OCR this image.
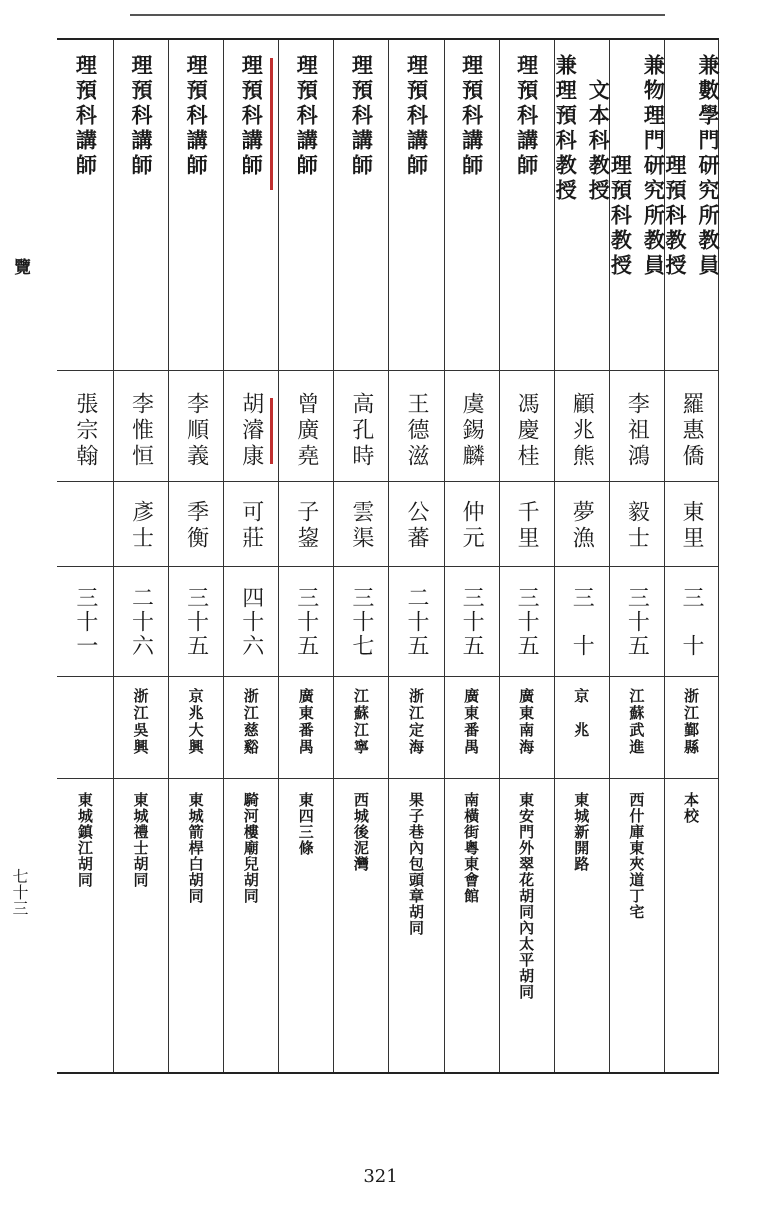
覽
七十三
理預科教授 兼數學門研究所教員
羅惠僑
東里
三　十
浙江鄞縣
本校
理預科教授 兼物理門研究所教員
李祖鴻
毅士
三十五
江蘇武進
西什庫東夾道丁宅
兼理預科教授 文本科教授
顧兆熊
夢漁
三　十
京　兆
東城新開路
理預科講師
馮慶桂
千里
三十五
廣東南海
東安門外翠花胡同內太平胡同
理預科講師
虞錫麟
仲元
三十五
廣東番禺
南橫街粵東會館
理預科講師
王德滋
公蕃
二十五
浙江定海
果子巷內包頭章胡同
理預科講師
高孔時
雲渠
三十七
江蘇江寧
西城後泥灣
理預科講師
曾廣堯
子鋆
三十五
廣東番禺
東四三條
理預科講師
胡濬康
可莊
四十六
浙江慈谿
騎河樓廟兒胡同
理預科講師
李順義
季衡
三十五
京兆大興
東城箭桿白胡同
理預科講師
李惟恒
彥士
二十六
浙江吳興
東城禮士胡同
理預科講師
張宗翰
三十一
東城鎮江胡同
321
